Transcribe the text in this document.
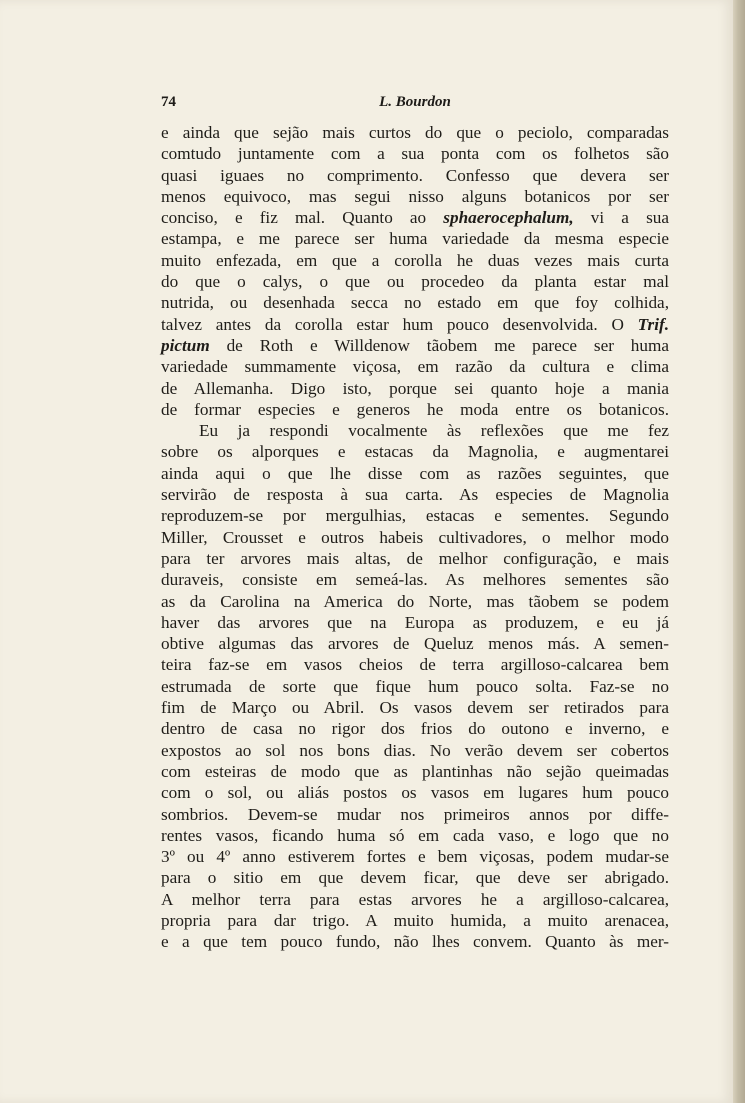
74	L. Bourdon
e ainda que sejão mais curtos do que o peciolo, comparadas
comtudo juntamente com a sua ponta com os folhetos são
quasi iguaes no comprimento. Confesso que devera ser
menos equivoco, mas segui nisso alguns botanicos por ser
conciso, e fiz mal. Quanto ao sphaerocephalum, vi a sua
estampa, e me parece ser huma variedade da mesma especie
muito enfezada, em que a corolla he duas vezes mais curta
do que o calys, o que ou procedeo da planta estar mal
nutrida, ou desenhada secca no estado em que foy colhida,
talvez antes da corolla estar hum pouco desenvolvida. O Trif.
pictum de Roth e Willdenow tãobem me parece ser huma
variedade summamente viçosa, em razão da cultura e clima
de Allemanha. Digo isto, porque sei quanto hoje a mania
de formar especies e generos he moda entre os botanicos.
Eu ja respondi vocalmente às reflexões que me fez
sobre os alporques e estacas da Magnolia, e augmentarei
ainda aqui o que lhe disse com as razões seguintes, que
servirão de resposta à sua carta. As especies de Magnolia
reproduzem-se por mergulhias, estacas e sementes. Segundo
Miller, Crousset e outros habeis cultivadores, o melhor modo
para ter arvores mais altas, de melhor configuração, e mais
duraveis, consiste em semeá-las. As melhores sementes são
as da Carolina na America do Norte, mas tãobem se podem
haver das arvores que na Europa as produzem, e eu já
obtive algumas das arvores de Queluz menos más. A semen-
teira faz-se em vasos cheios de terra argilloso-calcarea bem
estrumada de sorte que fique hum pouco solta. Faz-se no
fim de Março ou Abril. Os vasos devem ser retirados para
dentro de casa no rigor dos frios do outono e inverno, e
expostos ao sol nos bons dias. No verão devem ser cobertos
com esteiras de modo que as plantinhas não sejão queimadas
com o sol, ou aliás postos os vasos em lugares hum pouco
sombrios. Devem-se mudar nos primeiros annos por diffe-
rentes vasos, ficando huma só em cada vaso, e logo que no
3º ou 4º anno estiverem fortes e bem viçosas, podem mudar-se
para o sitio em que devem ficar, que deve ser abrigado.
A melhor terra para estas arvores he a argilloso-calcarea,
propria para dar trigo. A muito humida, a muito arenacea,
e a que tem pouco fundo, não lhes convem. Quanto às mer-
